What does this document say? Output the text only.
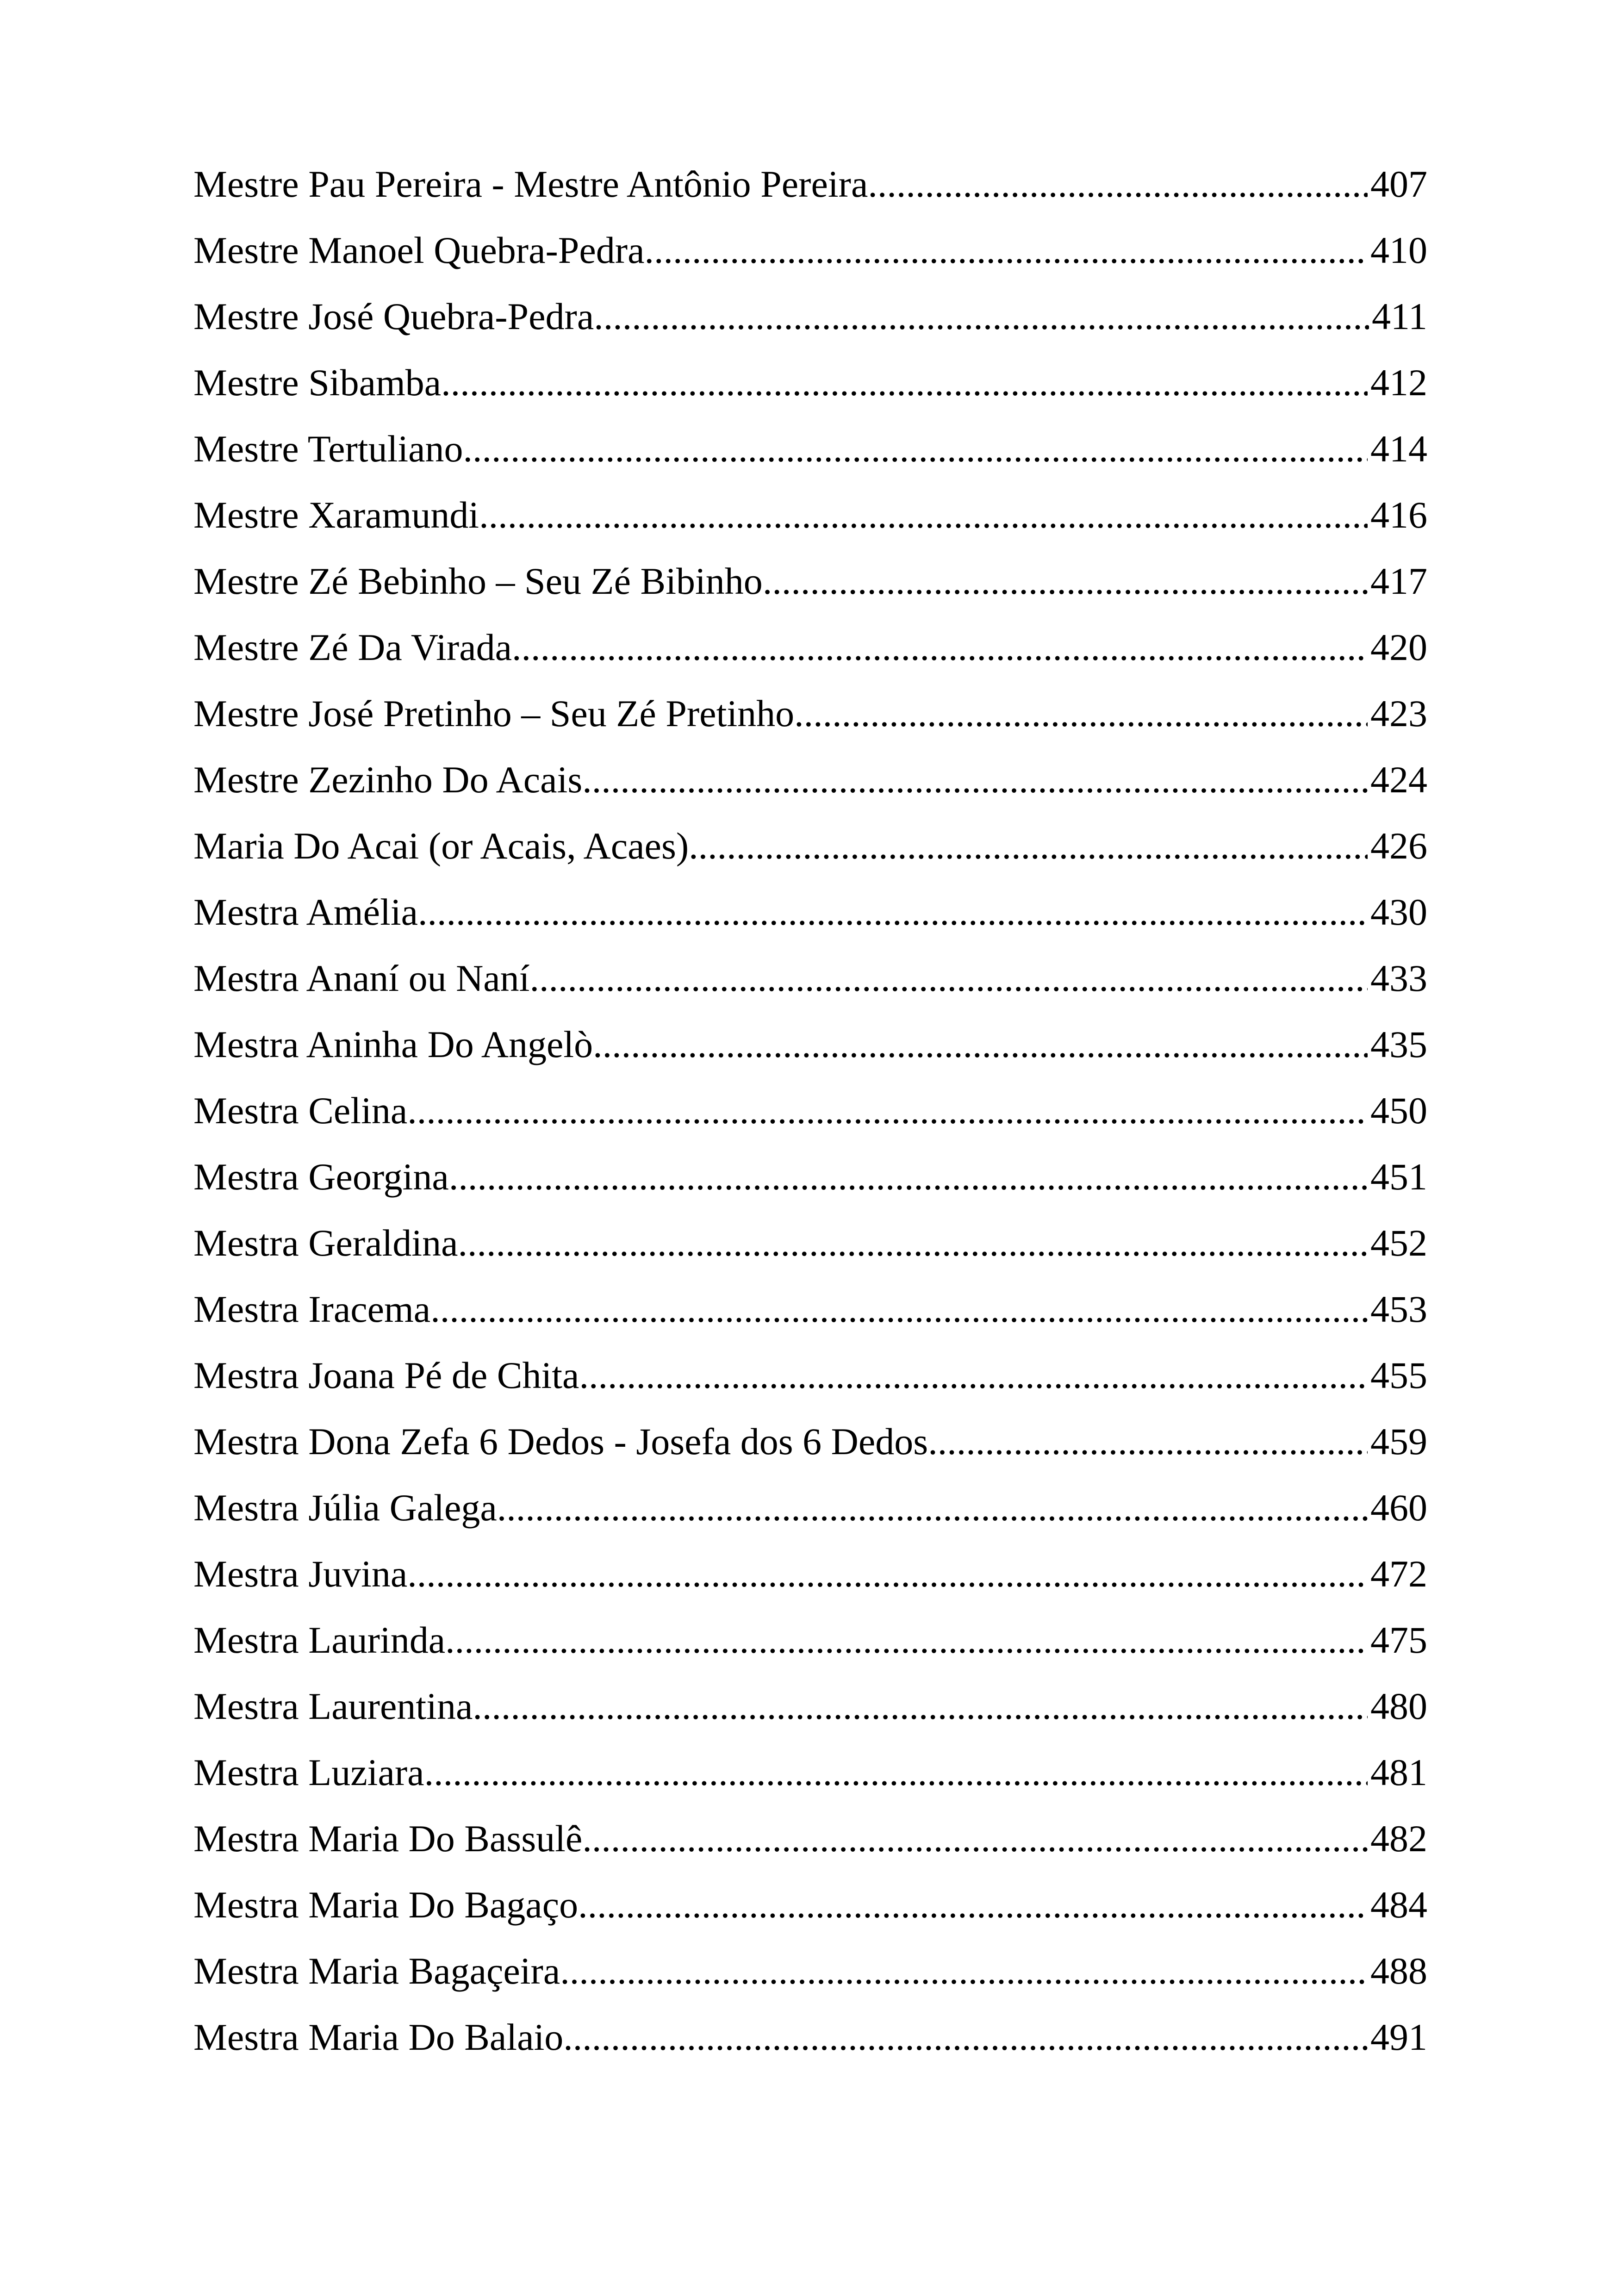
Mestre Pau Pereira - Mestre Antônio Pereira .....	407
Mestre Manoel Quebra-Pedra .....	410
Mestre José Quebra-Pedra .....	411
Mestre Sibamba .....	412
Mestre Tertuliano .....	414
Mestre Xaramundi .....	416
Mestre Zé Bebinho – Seu Zé Bibinho .....	417
Mestre Zé Da Virada .....	420
Mestre José Pretinho – Seu Zé Pretinho .....	423
Mestre Zezinho Do Acais .....	424
Maria Do Acai (or Acais, Acaes) .....	426
Mestra Amélia .....	430
Mestra Ananí ou Naní .....	433
Mestra Aninha Do Angelò .....	435
Mestra Celina .....	450
Mestra Georgina .....	451
Mestra Geraldina .....	452
Mestra Iracema .....	453
Mestra Joana Pé de Chita .....	455
Mestra Dona Zefa 6 Dedos - Josefa dos 6 Dedos .....	459
Mestra Júlia Galega .....	460
Mestra Juvina .....	472
Mestra Laurinda .....	475
Mestra Laurentina .....	480
Mestra Luziara .....	481
Mestra Maria Do Bassulê .....	482
Mestra Maria Do Bagaço .....	484
Mestra Maria Bagaçeira .....	488
Mestra Maria Do Balaio .....	491
